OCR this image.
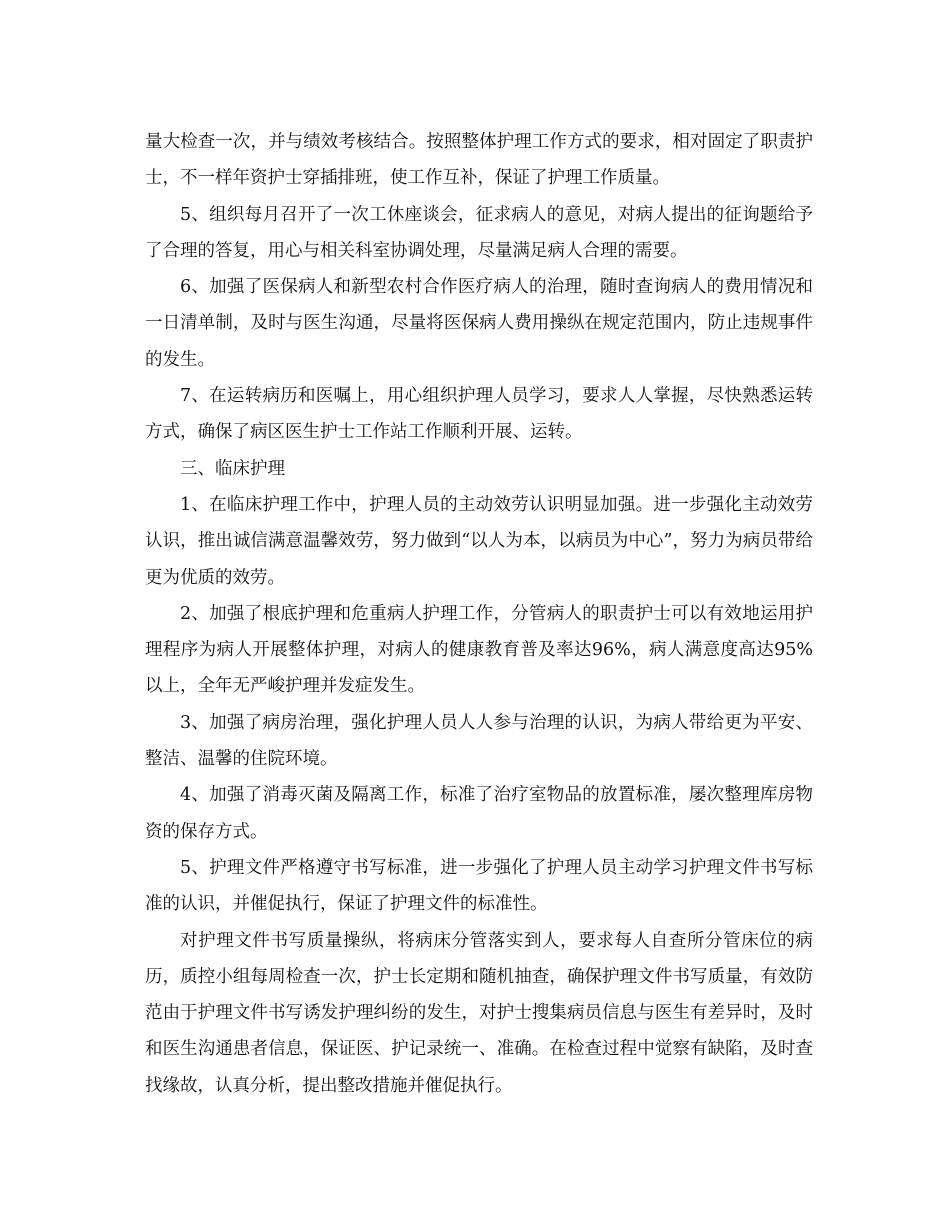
量大检查一次，并与绩效考核结合。按照整体护理工作方式的要求，相对固定了职责护士，不一样年资护士穿插排班，使工作互补，保证了护理工作质量。

5、组织每月召开了一次工休座谈会，征求病人的意见，对病人提出的征询题给予了合理的答复，用心与相关科室协调处理，尽量满足病人合理的需要。

6、加强了医保病人和新型农村合作医疗病人的治理，随时查询病人的费用情况和一日清单制，及时与医生沟通，尽量将医保病人费用操纵在规定范围内，防止违规事件的发生。

7、在运转病历和医嘱上，用心组织护理人员学习，要求人人掌握，尽快熟悉运转方式，确保了病区医生护士工作站工作顺利开展、运转。

三、临床护理

1、在临床护理工作中，护理人员的主动效劳认识明显加强。进一步强化主动效劳认识，推出诚信满意温馨效劳，努力做到“以人为本，以病员为中心”，努力为病员带给更为优质的效劳。

2、加强了根底护理和危重病人护理工作，分管病人的职责护士可以有效地运用护理程序为病人开展整体护理，对病人的健康教育普及率达96%，病人满意度高达95%以上，全年无严峻护理并发症发生。

3、加强了病房治理，强化护理人员人人参与治理的认识，为病人带给更为平安、整洁、温馨的住院环境。

4、加强了消毒灭菌及隔离工作，标准了治疗室物品的放置标准，屡次整理库房物资的保存方式。

5、护理文件严格遵守书写标准，进一步强化了护理人员主动学习护理文件书写标准的认识，并催促执行，保证了护理文件的标准性。

对护理文件书写质量操纵，将病床分管落实到人，要求每人自查所分管床位的病历，质控小组每周检查一次，护士长定期和随机抽查，确保护理文件书写质量，有效防范由于护理文件书写诱发护理纠纷的发生，对护士搜集病员信息与医生有差异时，及时和医生沟通患者信息，保证医、护记录统一、准确。在检查过程中觉察有缺陷，及时查找缘故，认真分析，提出整改措施并催促执行。
